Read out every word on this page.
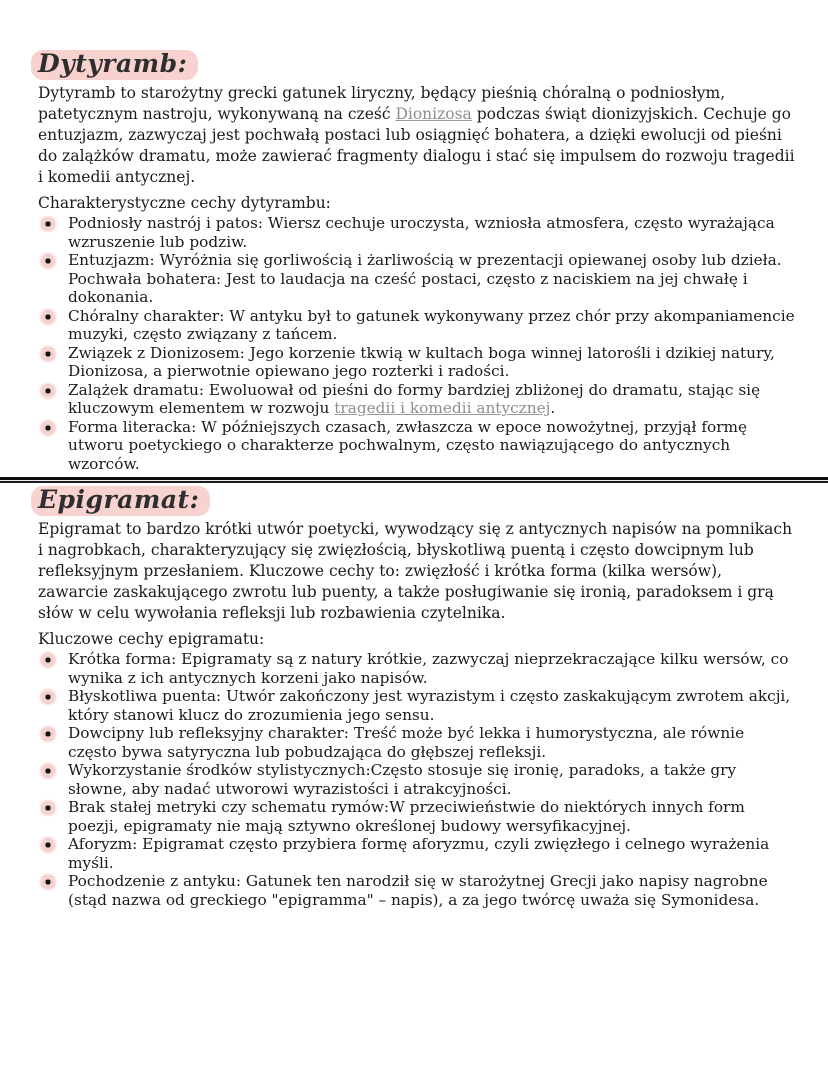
Dytyramb:

Dytyramb to starożytny grecki gatunek liryczny, będący pieśnią chóralną o podniosłym, patetycznym nastroju, wykonywaną na cześć Dionizosa podczas świąt dionizyjskich. Cechuje go entuzjazm, zazwyczaj jest pochwałą postaci lub osiągnięć bohatera, a dzięki ewolucji od pieśni do zalążków dramatu, może zawierać fragmenty dialogu i stać się impulsem do rozwoju tragedii i komedii antycznej.

Charakterystyczne cechy dytyrambu:

Podniosły nastrój i patos: Wiersz cechuje uroczysta, wzniosła atmosfera, często wyrażająca wzruszenie lub podziw.
Entuzjazm: Wyróżnia się gorliwością i żarliwością w prezentacji opiewanej osoby lub dzieła. Pochwała bohatera: Jest to laudacja na cześć postaci, często z naciskiem na jej chwałę i dokonania.
Chóralny charakter: W antyku był to gatunek wykonywany przez chór przy akompaniamencie muzyki, często związany z tańcem.
Związek z Dionizosem: Jego korzenie tkwią w kultach boga winnej latorośli i dzikiej natury, Dionizosa, a pierwotnie opiewano jego rozterki i radości.
Zalążek dramatu: Ewoluował od pieśni do formy bardziej zbliżonej do dramatu, stając się kluczowym elementem w rozwoju tragedii i komedii antycznej.
Forma literacka: W późniejszych czasach, zwłaszcza w epoce nowożytnej, przyjął formę utworu poetyckiego o charakterze pochwalnym, często nawiązującego do antycznych wzorców.
Epigramat:

Epigramat to bardzo krótki utwór poetycki, wywodzący się z antycznych napisów na pomnikach i nagrobkach, charakteryzujący się zwięzłością, błyskotliwą puentą i często dowcipnym lub refleksyjnym przesłaniem. Kluczowe cechy to: zwięzłość i krótka forma (kilka wersów), zawarcie zaskakującego zwrotu lub puenty, a także posługiwanie się ironią, paradoksem i grą słów w celu wywołania refleksji lub rozbawienia czytelnika.

Kluczowe cechy epigramatu:

Krótka forma: Epigramaty są z natury krótkie, zazwyczaj nieprzekraczające kilku wersów, co wynika z ich antycznych korzeni jako napisów.
Błyskotliwa puenta: Utwór zakończony jest wyrazistym i często zaskakującym zwrotem akcji, który stanowi klucz do zrozumienia jego sensu.
Dowcipny lub refleksyjny charakter: Treść może być lekka i humorystyczna, ale równie często bywa satyryczna lub pobudzająca do głębszej refleksji.
Wykorzystanie środków stylistycznych:Często stosuje się ironię, paradoks, a także gry słowne, aby nadać utworowi wyrazistości i atrakcyjności.
Brak stałej metryki czy schematu rymów:W przeciwieństwie do niektórych innych form poezji, epigramaty nie mają sztywno określonej budowy wersyfikacyjnej.
Aforyzm: Epigramat często przybiera formę aforyzmu, czyli zwięzłego i celnego wyrażenia myśli.
Pochodzenie z antyku: Gatunek ten narodził się w starożytnej Grecji jako napisy nagrobne (stąd nazwa od greckiego "epigramma" – napis), a za jego twórcę uważa się Symonidesa.
